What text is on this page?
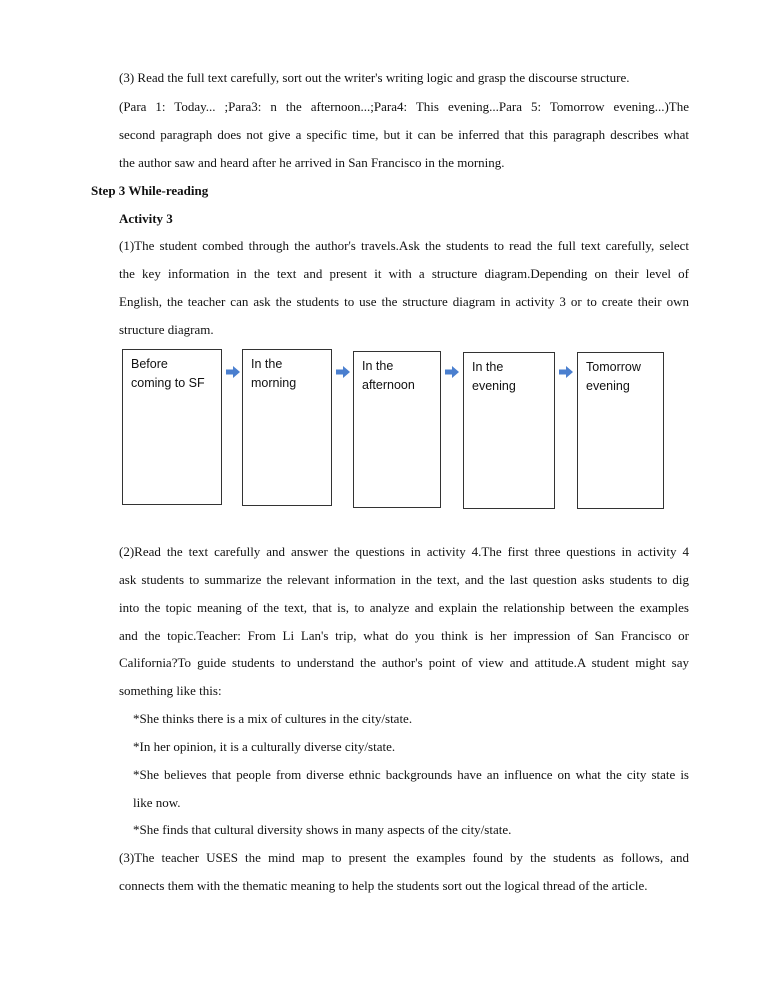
(3) Read the full text carefully, sort out the writer's writing logic and grasp the discourse structure.
(Para 1: Today... ;Para3: n the afternoon...;Para4: This evening...Para 5: Tomorrow evening...)The
second paragraph does not give a specific time, but it can be inferred that this paragraph describes what
the author saw and heard after he arrived in San Francisco in the morning.
Step 3 While-reading
Activity 3
(1)The student combed through the author's travels.Ask the students to read the full text carefully, select
the key information in the text and present it with a structure diagram.Depending on their level of
English, the teacher can ask the students to use the structure diagram in activity 3 or to create their own
structure diagram.
Before
coming to SF
In the
morning
In the
afternoon
In the
evening
Tomorrow
evening
(2)Read the text carefully and answer the questions in activity 4.The first three questions in activity 4
ask students to summarize the relevant information in the text, and the last question asks students to dig
into the topic meaning of the text, that is, to analyze and explain the relationship between the examples
and the topic.Teacher: From Li Lan's trip, what do you think is her impression of San Francisco or
California?To guide students to understand the author's point of view and attitude.A student might say
something like this:
*She thinks there is a mix of cultures in the city/state.
*In her opinion, it is a culturally diverse city/state.
*She believes that people from diverse ethnic backgrounds have an influence on what the city state is
like now.
*She finds that cultural diversity shows in many aspects of the city/state.
(3)The teacher USES the mind map to present the examples found by the students as follows, and
connects them with the thematic meaning to help the students sort out the logical thread of the article.
